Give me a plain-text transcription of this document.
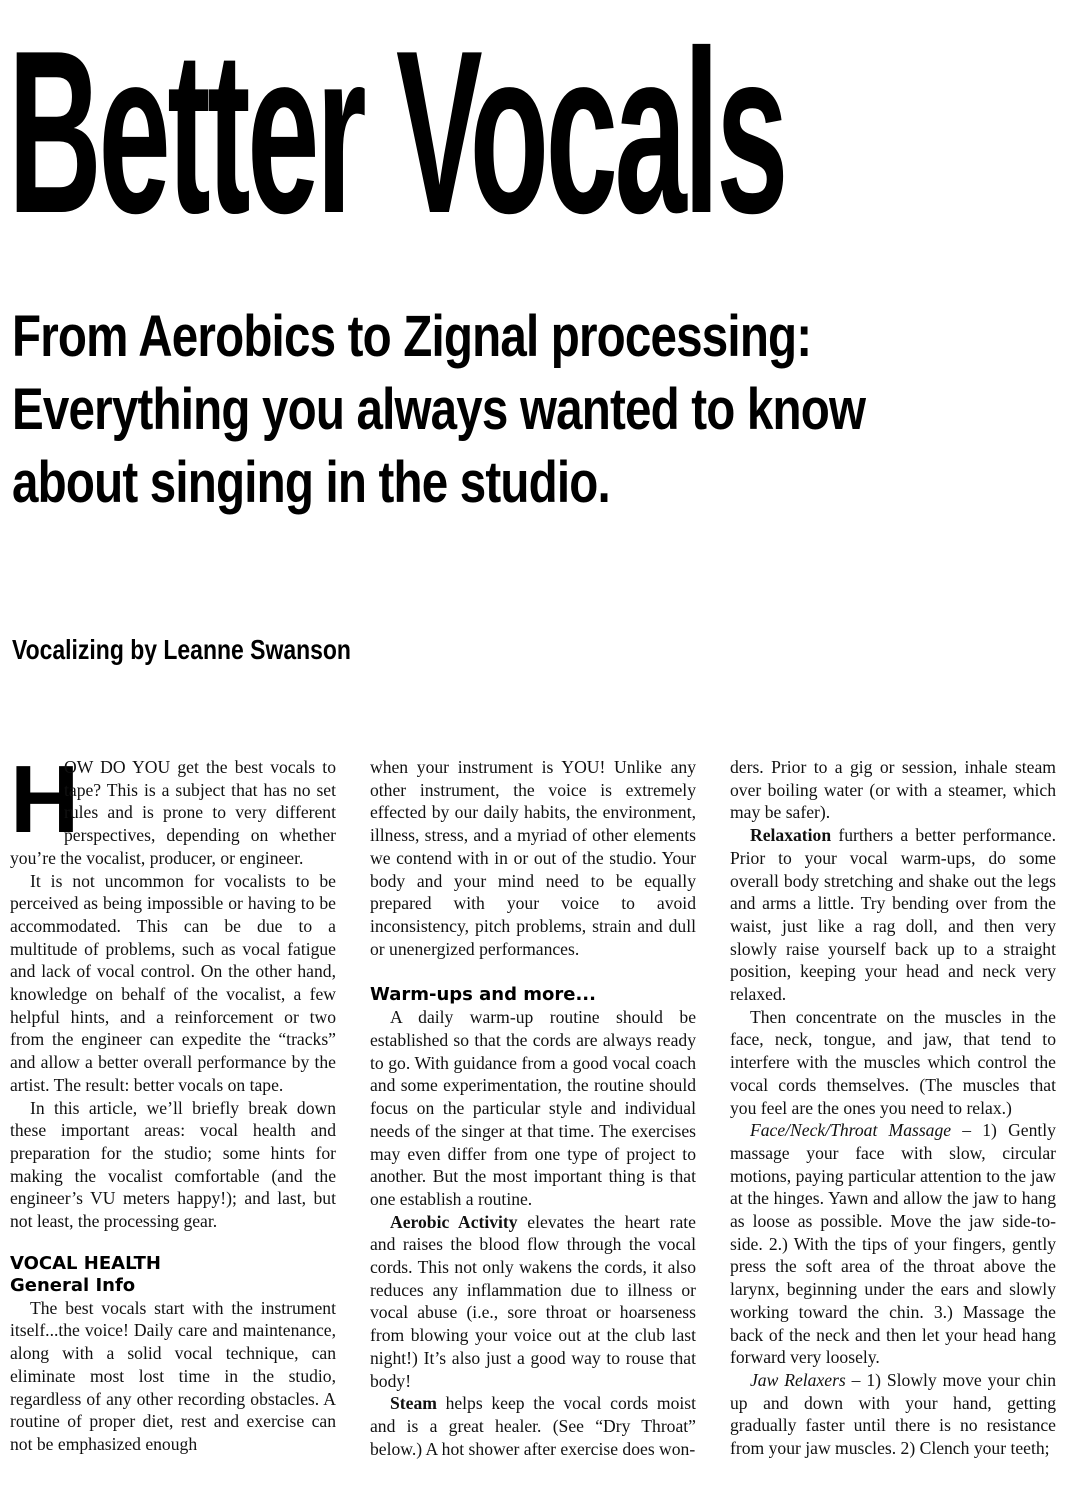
Better Vocals
From Aerobics to Zignal processing:
Everything you always wanted to know
about singing in the studio.
Vocalizing by Leanne Swanson

H
OW DO YOU get the best vocals to tape? This is a subject that has no set rules and is prone to very different perspectives, depending on whether you’re the vocalist, producer, or engineer.

It is not uncommon for vocalists to be perceived as being impossible or having to be accommodated. This can be due to a multitude of problems, such as vocal fatigue and lack of vocal control. On the other hand, knowledge on behalf of the vocalist, a few helpful hints, and a reinforcement or two from the engineer can expedite the “tracks” and allow a better overall performance by the artist. The result: better vocals on tape.

In this article, we’ll briefly break down these important areas: vocal health and preparation for the studio; some hints for making the vocalist comfortable (and the engineer’s VU meters happy!); and last, but not least, the processing gear.

VOCAL HEALTH
General Info

The best vocals start with the instrument itself...the voice! Daily care and maintenance, along with a solid vocal technique, can eliminate most lost time in the studio, regardless of any other recording obstacles. A routine of proper diet, rest and exercise can not be emphasized enough

when your instrument is YOU! Unlike any other instrument, the voice is extremely effected by our daily habits, the environment, illness, stress, and a myriad of other elements we contend with in or out of the studio. Your body and your mind need to be equally prepared with your voice to avoid inconsistency, pitch problems, strain and dull or unenergized performances.

Warm-ups and more...

A daily warm-up routine should be established so that the cords are always ready to go. With guidance from a good vocal coach and some experimentation, the routine should focus on the particular style and individual needs of the singer at that time. The exercises may even differ from one type of project to another. But the most important thing is that one establish a routine.

Aerobic Activity elevates the heart rate and raises the blood flow through the vocal cords. This not only wakens the cords, it also reduces any inflammation due to illness or vocal abuse (i.e., sore throat or hoarseness from blowing your voice out at the club last night!) It’s also just a good way to rouse that body!

Steam helps keep the vocal cords moist and is a great healer. (See “Dry Throat” below.) A hot shower after exercise does won-

ders. Prior to a gig or session, inhale steam over boiling water (or with a steamer, which may be safer).

Relaxation furthers a better performance. Prior to your vocal warm-ups, do some overall body stretching and shake out the legs and arms a little. Try bending over from the waist, just like a rag doll, and then very slowly raise yourself back up to a straight position, keeping your head and neck very relaxed.

Then concentrate on the muscles in the face, neck, tongue, and jaw, that tend to interfere with the muscles which control the vocal cords themselves. (The muscles that you feel are the ones you need to relax.)

Face/Neck/Throat Massage – 1) Gently massage your face with slow, circular motions, paying particular attention to the jaw at the hinges. Yawn and allow the jaw to hang as loose as possible. Move the jaw side-to-side. 2.) With the tips of your fingers, gently press the soft area of the throat above the larynx, beginning under the ears and slowly working toward the chin. 3.) Massage the back of the neck and then let your head hang forward very loosely.

Jaw Relaxers – 1) Slowly move your chin up and down with your hand, getting gradually faster until there is no resistance from your jaw muscles. 2) Clench your teeth;
